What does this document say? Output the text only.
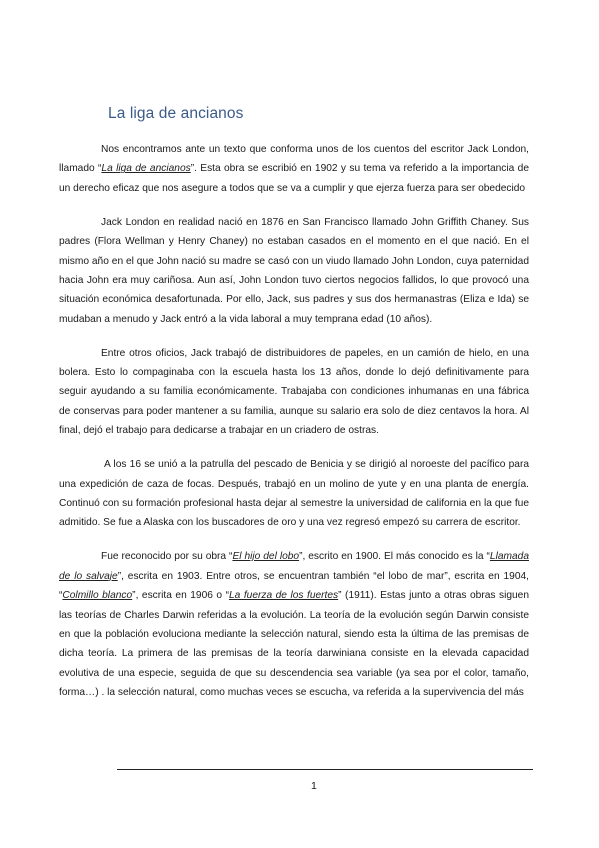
La liga de ancianos

Nos encontramos ante un texto que conforma unos de los cuentos del escritor Jack London, llamado “La liga de ancianos”. Esta obra se escribió en 1902 y su tema va referido a la importancia de un derecho eficaz que nos asegure a todos que se va a cumplir y que ejerza fuerza para ser obedecido

Jack London en realidad nació en 1876 en San Francisco llamado John Griffith Chaney. Sus padres (Flora Wellman y Henry Chaney) no estaban casados en el momento en el que nació. En el mismo año en el que John nació su madre se casó con un viudo llamado John London, cuya paternidad hacia John era muy cariñosa. Aun así, John London tuvo ciertos negocios fallidos, lo que provocó una situación económica desafortunada. Por ello, Jack, sus padres y sus dos hermanastras (Eliza e Ida) se mudaban a menudo y Jack entró a la vida laboral a muy temprana edad (10 años).

Entre otros oficios, Jack trabajó de distribuidores de papeles, en un camión de hielo, en una bolera. Esto lo compaginaba con la escuela hasta los 13 años, donde lo dejó definitivamente para seguir ayudando a su familia económicamente. Trabajaba con condiciones inhumanas en una fábrica de conservas para poder mantener a su familia, aunque su salario era solo de diez centavos la hora. Al final, dejó el trabajo para dedicarse a trabajar en un criadero de ostras.

A los 16 se unió a la patrulla del pescado de Benicia y se dirigió al noroeste del pacífico para una expedición de caza de focas. Después, trabajó en un molino de yute y en una planta de energía. Continuó con su formación profesional hasta dejar al semestre la universidad de california en la que fue admitido. Se fue a Alaska con los buscadores de oro y una vez regresó empezó su carrera de escritor.

Fue reconocido por su obra “El hijo del lobo”, escrito en 1900. El más conocido es la “Llamada de lo salvaje”, escrita en 1903. Entre otros, se encuentran también “el lobo de mar”, escrita en 1904, “Colmillo blanco”, escrita en 1906 o “La fuerza de los fuertes” (1911). Estas junto a otras obras siguen las teorías de Charles Darwin referidas a la evolución. La teoría de la evolución según Darwin consiste en que la población evoluciona mediante la selección natural, siendo esta la última de las premisas de dicha teoría. La primera de las premisas de la teoría darwiniana consiste en la elevada capacidad evolutiva de una especie, seguida de que su descendencia sea variable (ya sea por el color, tamaño, forma…) . la selección natural, como muchas veces se escucha, va referida a la supervivencia del más

1
